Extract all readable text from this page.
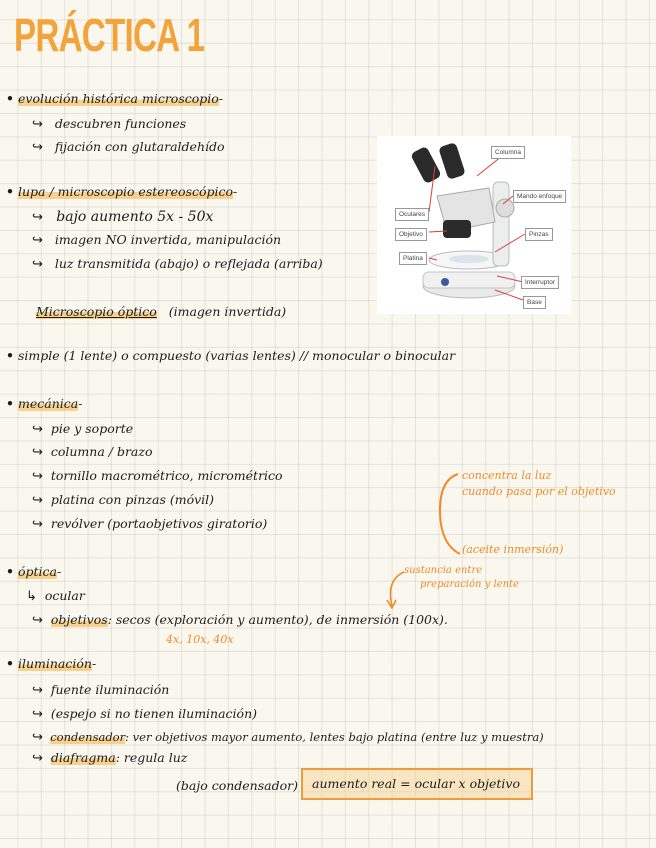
PRÁCTICA 1
• evolución histórica microscopio-
↪ descubren funciones
↪ fijación con glutaraldehído
• lupa / microscopio estereoscópico-
↪ bajo aumento 5x - 50x
↪ imagen NO invertida, manipulación
↪ luz transmitida (abajo) o reflejada (arriba)
Columna
Mando enfoque
Oculares
Objetivo	Pinzas
Platina
Interruptor
Base
Microscopio óptico (imagen invertida)
• simple (1 lente) o compuesto (varias lentes) // monocular o binocular
• mecánica-
↪ pie y soporte
↪ columna / brazo
↪ tornillo macrométrico, micrométrico
↪ platina con pinzas (móvil)
↪ revólver (portaobjetivos giratorio)
concentra la luz
cuando pasa por el objetivo
(aceite inmersión)
sustancia entre
preparación y lente
• óptica-
↳ ocular
↪ objetivos: secos (exploración y aumento), de inmersión (100x).
4x, 10x, 40x
• iluminación-
↪ fuente iluminación
↪ (espejo si no tienen iluminación)
↪ condensador: ver objetivos mayor aumento, lentes bajo platina (entre luz y muestra)
↪ diafragma: regula luz
(bajo condensador) aumento real = ocular x objetivo
